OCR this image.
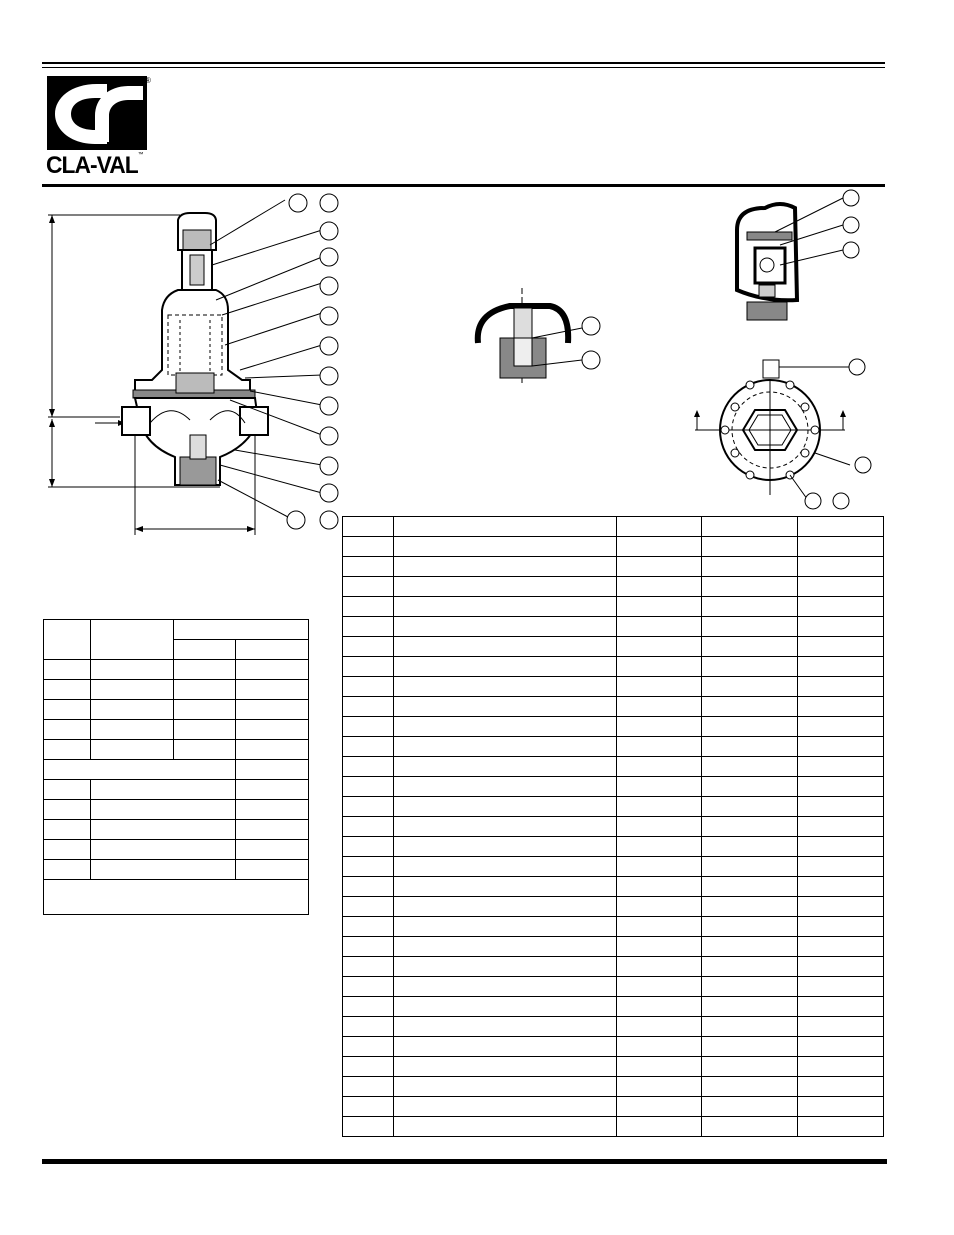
®
CLA-VAL™
